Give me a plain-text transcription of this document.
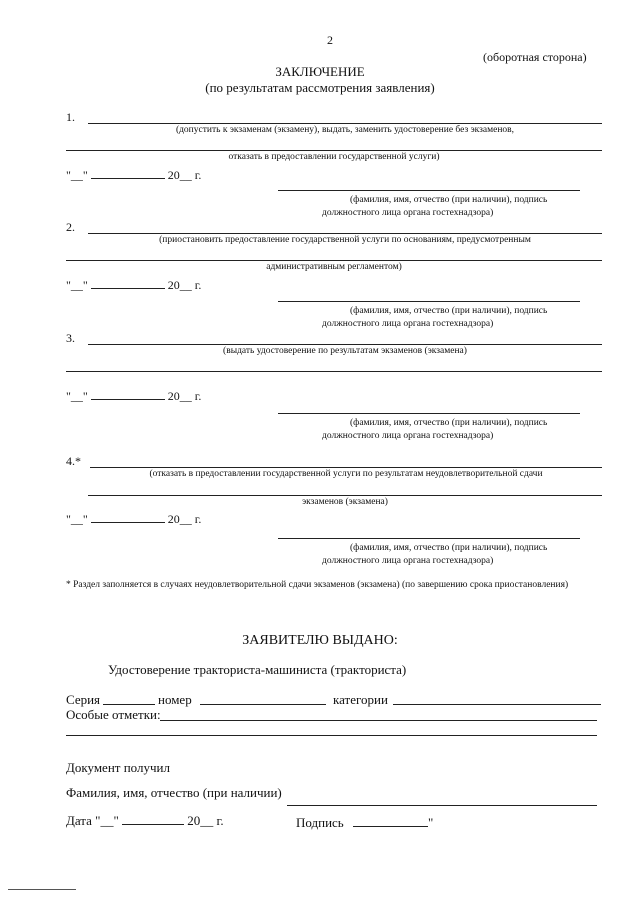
2
(оборотная сторона)
ЗАКЛЮЧЕНИЕ
(по результатам рассмотрения заявления)
1.
(допустить к экзаменам (экзамену), выдать, заменить удостоверение без экзаменов,
отказать в предоставлении государственной услуги)
"__"	20__ г.
(фамилия, имя, отчество (при наличии), подпись
должностного лица органа гостехнадзора)
2.
(приостановить предоставление государственной услуги по основаниям, предусмотренным
административным регламентом)
"__"	20__ г.
(фамилия, имя, отчество (при наличии), подпись
должностного лица органа гостехнадзора)
3.
(выдать удостоверение по результатам экзаменов (экзамена)
"__"	20__ г.
(фамилия, имя, отчество (при наличии), подпись
должностного лица органа гостехнадзора)
4.*
(отказать в предоставлении государственной услуги по результатам неудовлетворительной сдачи
экзаменов (экзамена)
"__"	20__ г.
(фамилия, имя, отчество (при наличии), подпись
должностного лица органа гостехнадзора)
* Раздел заполняется в случаях неудовлетворительной сдачи экзаменов (экзамена) (по завершению срока приостановления)
ЗАЯВИТЕЛЮ ВЫДАНО:
Удостоверение тракториста-машиниста (тракториста)
Серия	номер	категории
Особые отметки:
Документ получил
Фамилия, имя, отчество (при наличии)
Дата "__"	20__ г.	Подпись	"
